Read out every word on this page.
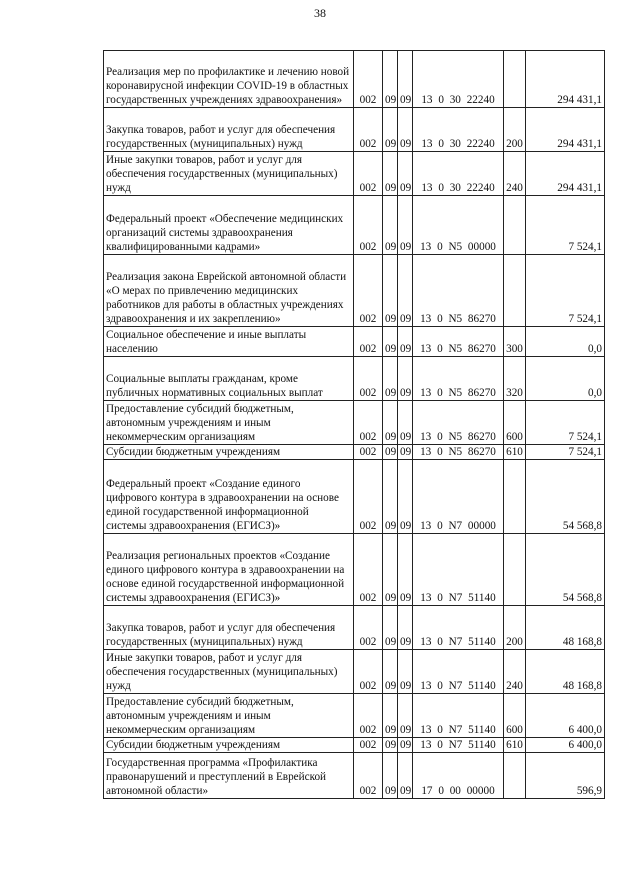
38
Реализация мер по профилактике и лечению новой коронавирусной инфекции COVID-19 в областных государственных учреждениях здравоохранения»	002	09	09	13 0 30 22240		294 431,1
Закупка товаров, работ и услуг для обеспечения государственных (муниципальных) нужд	002	09	09	13 0 30 22240	200	294 431,1
Иные закупки товаров, работ и услуг для обеспечения государственных (муниципальных) нужд	002	09	09	13 0 30 22240	240	294 431,1
Федеральный проект «Обеспечение медицинских организаций системы здравоохранения квалифицированными кадрами»	002	09	09	13 0 N5 00000		7 524,1
Реализация закона Еврейской автономной области «О мерах по привлечению медицинских работников для работы в областных учреждениях здравоохранения и их закреплению»	002	09	09	13 0 N5 86270		7 524,1
Социальное обеспечение и иные выплаты населению	002	09	09	13 0 N5 86270	300	0,0
Социальные выплаты гражданам, кроме публичных нормативных социальных выплат	002	09	09	13 0 N5 86270	320	0,0
Предоставление субсидий бюджетным, автономным учреждениям и иным некоммерческим организациям	002	09	09	13 0 N5 86270	600	7 524,1
Субсидии бюджетным учреждениям	002	09	09	13 0 N5 86270	610	7 524,1
Федеральный проект «Создание единого цифрового контура в здравоохранении на основе единой государственной информационной системы здравоохранения (ЕГИСЗ)»	002	09	09	13 0 N7 00000		54 568,8
Реализация региональных проектов «Создание единого цифрового контура в здравоохранении на основе единой государственной информационной системы здравоохранения (ЕГИСЗ)»	002	09	09	13 0 N7 51140		54 568,8
Закупка товаров, работ и услуг для обеспечения государственных (муниципальных) нужд	002	09	09	13 0 N7 51140	200	48 168,8
Иные закупки товаров, работ и услуг для обеспечения государственных (муниципальных) нужд	002	09	09	13 0 N7 51140	240	48 168,8
Предоставление субсидий бюджетным, автономным учреждениям и иным некоммерческим организациям	002	09	09	13 0 N7 51140	600	6 400,0
Субсидии бюджетным учреждениям	002	09	09	13 0 N7 51140	610	6 400,0
Государственная программа «Профилактика правонарушений и преступлений в Еврейской автономной области»	002	09	09	17 0 00 00000		596,9
